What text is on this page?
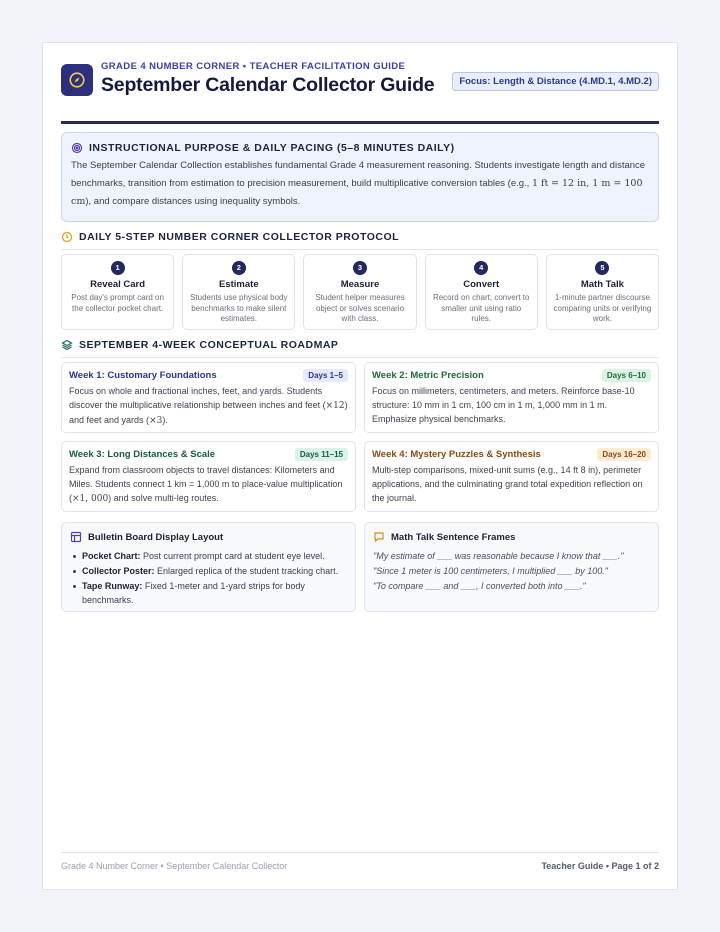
GRADE 4 NUMBER CORNER • TEACHER FACILITATION GUIDE
September Calendar Collector Guide	Focus: Length & Distance (4.MD.1, 4.MD.2)
INSTRUCTIONAL PURPOSE & DAILY PACING (5–8 MINUTES DAILY)
The September Calendar Collection establishes fundamental Grade 4 measurement reasoning. Students investigate length and distance benchmarks, transition from estimation to precision measurement, build multiplicative conversion tables (e.g., 1 ft = 12 in, 1 m = 100 cm), and compare distances using inequality symbols.
DAILY 5-STEP NUMBER CORNER COLLECTOR PROTOCOL
1
Reveal Card
Post day's prompt card on the collector pocket chart.
2
Estimate
Students use physical body benchmarks to make silent estimates.
3
Measure
Student helper measures object or solves scenario with class.
4
Convert
Record on chart; convert to smaller unit using ratio rules.
5
Math Talk
1-minute partner discourse comparing units or verifying work.
SEPTEMBER 4-WEEK CONCEPTUAL ROADMAP
Week 1: Customary Foundations	Days 1–5
Focus on whole and fractional inches, feet, and yards. Students discover the multiplicative relationship between inches and feet (×12) and feet and yards (×3).
Week 2: Metric Precision	Days 6–10
Focus on millimeters, centimeters, and meters. Reinforce base-10 structure: 10 mm in 1 cm, 100 cm in 1 m, 1,000 mm in 1 m. Emphasize physical benchmarks.
Week 3: Long Distances & Scale	Days 11–15
Expand from classroom objects to travel distances: Kilometers and Miles. Students connect 1 km = 1,000 m to place-value multiplication (×1, 000) and solve multi-leg routes.
Week 4: Mystery Puzzles & Synthesis	Days 16–20
Multi-step comparisons, mixed-unit sums (e.g., 14 ft 8 in), perimeter applications, and the culminating grand total expedition reflection on the journal.
Bulletin Board Display Layout
Pocket Chart: Post current prompt card at student eye level.
Collector Poster: Enlarged replica of the student tracking chart.
Tape Runway: Fixed 1-meter and 1-yard strips for body benchmarks.
Math Talk Sentence Frames
"My estimate of ___ was reasonable because I know that ___."
"Since 1 meter is 100 centimeters, I multiplied ___ by 100."
"To compare ___ and ___, I converted both into ___."
Grade 4 Number Corner • September Calendar Collector	Teacher Guide • Page 1 of 2
